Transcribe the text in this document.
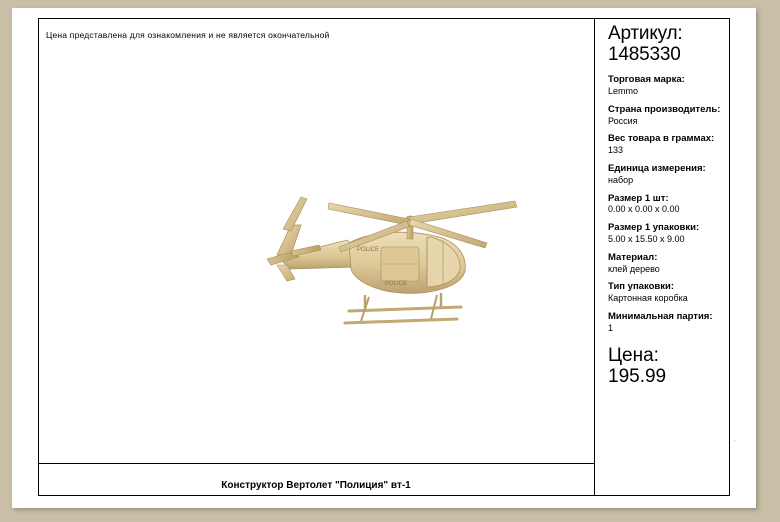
Цена представлена для ознакомления и не является окончательной
POLICE
POLICE
Конструктор Вертолет "Полиция" вт-1
Артикул:
1485330
Торговая марка:
Lemmo
Страна производитель:
Россия
Вес товара в граммах:
133
Единица измерения:
набор
Размер 1 шт:
0.00 x 0.00 x 0.00
Размер 1 упаковки:
5.00 x 15.50 x 9.00
Материал:
клей дерево
Тип упаковки:
Картонная коробка
Минимальная партия:
1
Цена:
195.99
ˏ
